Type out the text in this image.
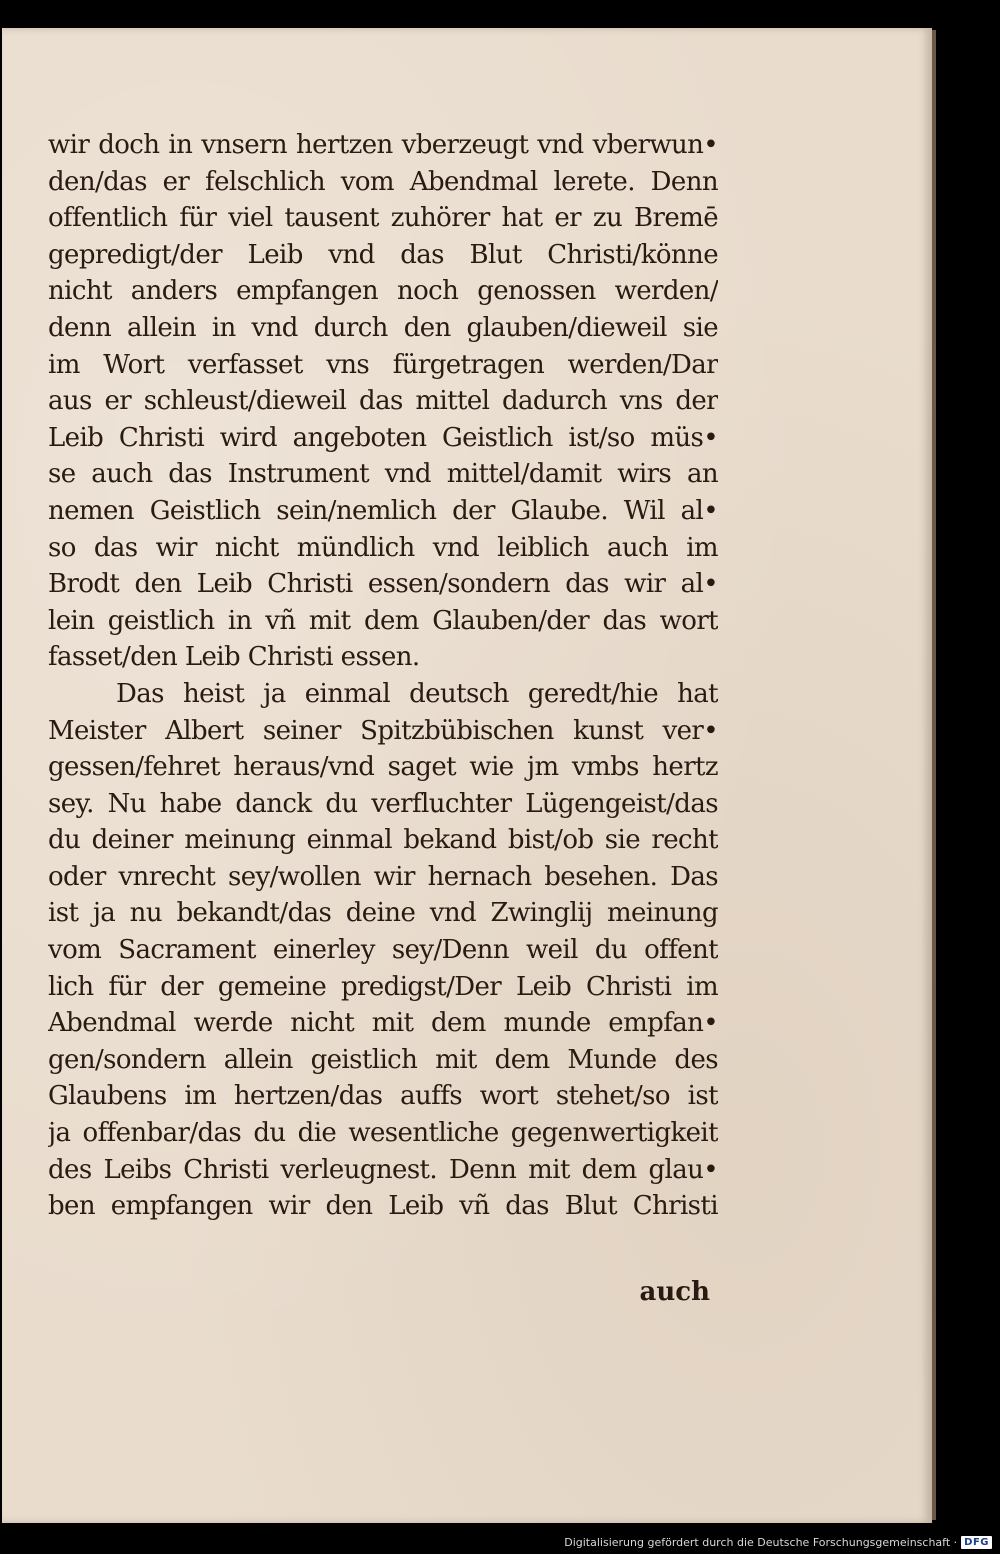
wir doch in vnsern hertzen vberzeugt vnd vberwun•
den/das er felschlich vom Abendmal lerete. Denn
offentlich für viel tausent zuhörer hat er zu Bremē
gepredigt/der Leib vnd das Blut Christi/könne
nicht anders empfangen noch genossen werden/
denn allein in vnd durch den glauben/dieweil sie
im Wort verfasset vns fürgetragen werden/Dar
aus er schleust/dieweil das mittel dadurch vns der
Leib Christi wird angeboten Geistlich ist/so müs•
se auch das Instrument vnd mittel/damit wirs an
nemen Geistlich sein/nemlich der Glaube. Wil al•
so das wir nicht mündlich vnd leiblich auch im
Brodt den Leib Christi essen/sondern das wir al•
lein geistlich in vñ mit dem Glauben/der das wort
fasset/den Leib Christi essen.
Das heist ja einmal deutsch geredt/hie hat
Meister Albert seiner Spitzbübischen kunst ver•
gessen/fehret heraus/vnd saget wie jm vmbs hertz
sey. Nu habe danck du verfluchter Lügengeist/das
du deiner meinung einmal bekand bist/ob sie recht
oder vnrecht sey/wollen wir hernach besehen. Das
ist ja nu bekandt/das deine vnd Zwinglij meinung
vom Sacrament einerley sey/Denn weil du offent
lich für der gemeine predigst/Der Leib Christi im
Abendmal werde nicht mit dem munde empfan•
gen/sondern allein geistlich mit dem Munde des
Glaubens im hertzen/das auffs wort stehet/so ist
ja offenbar/das du die wesentliche gegenwertigkeit
des Leibs Christi verleugnest. Denn mit dem glau•
ben empfangen wir den Leib vñ das Blut Christi
auch
Digitalisierung gefördert durch die Deutsche Forschungsgemeinschaft · DFG
